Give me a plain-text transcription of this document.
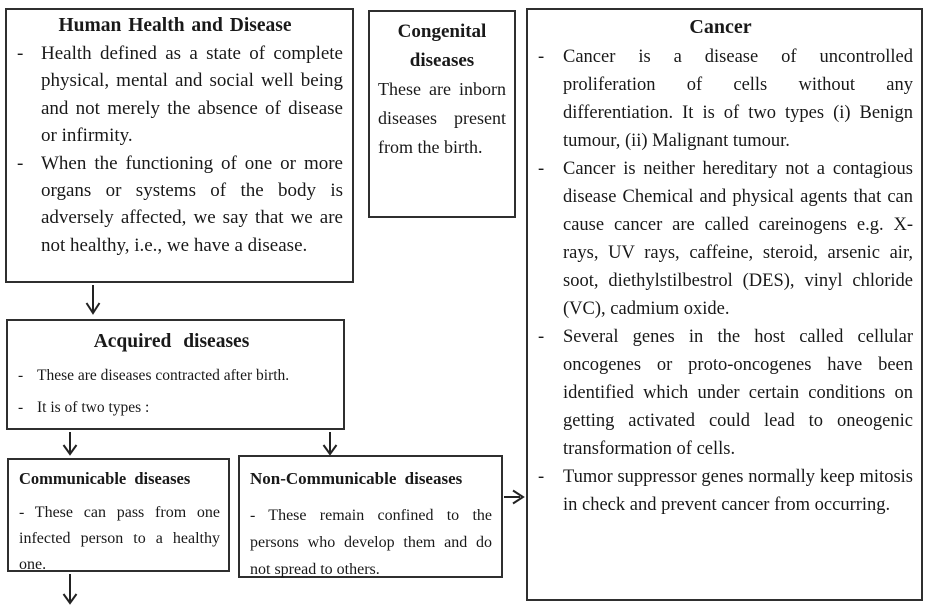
Human Health and Disease
- Health defined as a state of complete physical, mental and social well being and not merely the absence of disease or infirmity.
- When the functioning of one or more organs or systems of the body is adversely affected, we say that we are not healthy, i.e., we have a disease.
Congenital diseases
These are inborn diseases present from the birth.
Cancer
-	Cancer is a disease of uncontrolled proliferation of cells without any differentiation. It is of two types (i) Benign tumour, (ii) Malignant tumour.
-	Cancer is neither hereditary not a contagious disease Chemical and physical agents that can cause cancer are called careinogens e.g. X-rays, UV rays, caffeine, steroid, arsenic air, soot, diethylstilbestrol (DES), vinyl chloride (VC), cadmium oxide.
-	Several genes in the host called cellular oncogenes or proto-oncogenes have been identified which under certain conditions on getting activated could lead to oneogenic transformation of cells.
-	Tumor suppressor genes normally keep mitosis in check and prevent cancer from occurring.
Acquired diseases
- These are diseases contracted after birth.
- It is of two types :
Communicable diseases
- These can pass from one infected person to a healthy one.
Non-Communicable diseases
- These remain confined to the persons who develop them and do not spread to others.
